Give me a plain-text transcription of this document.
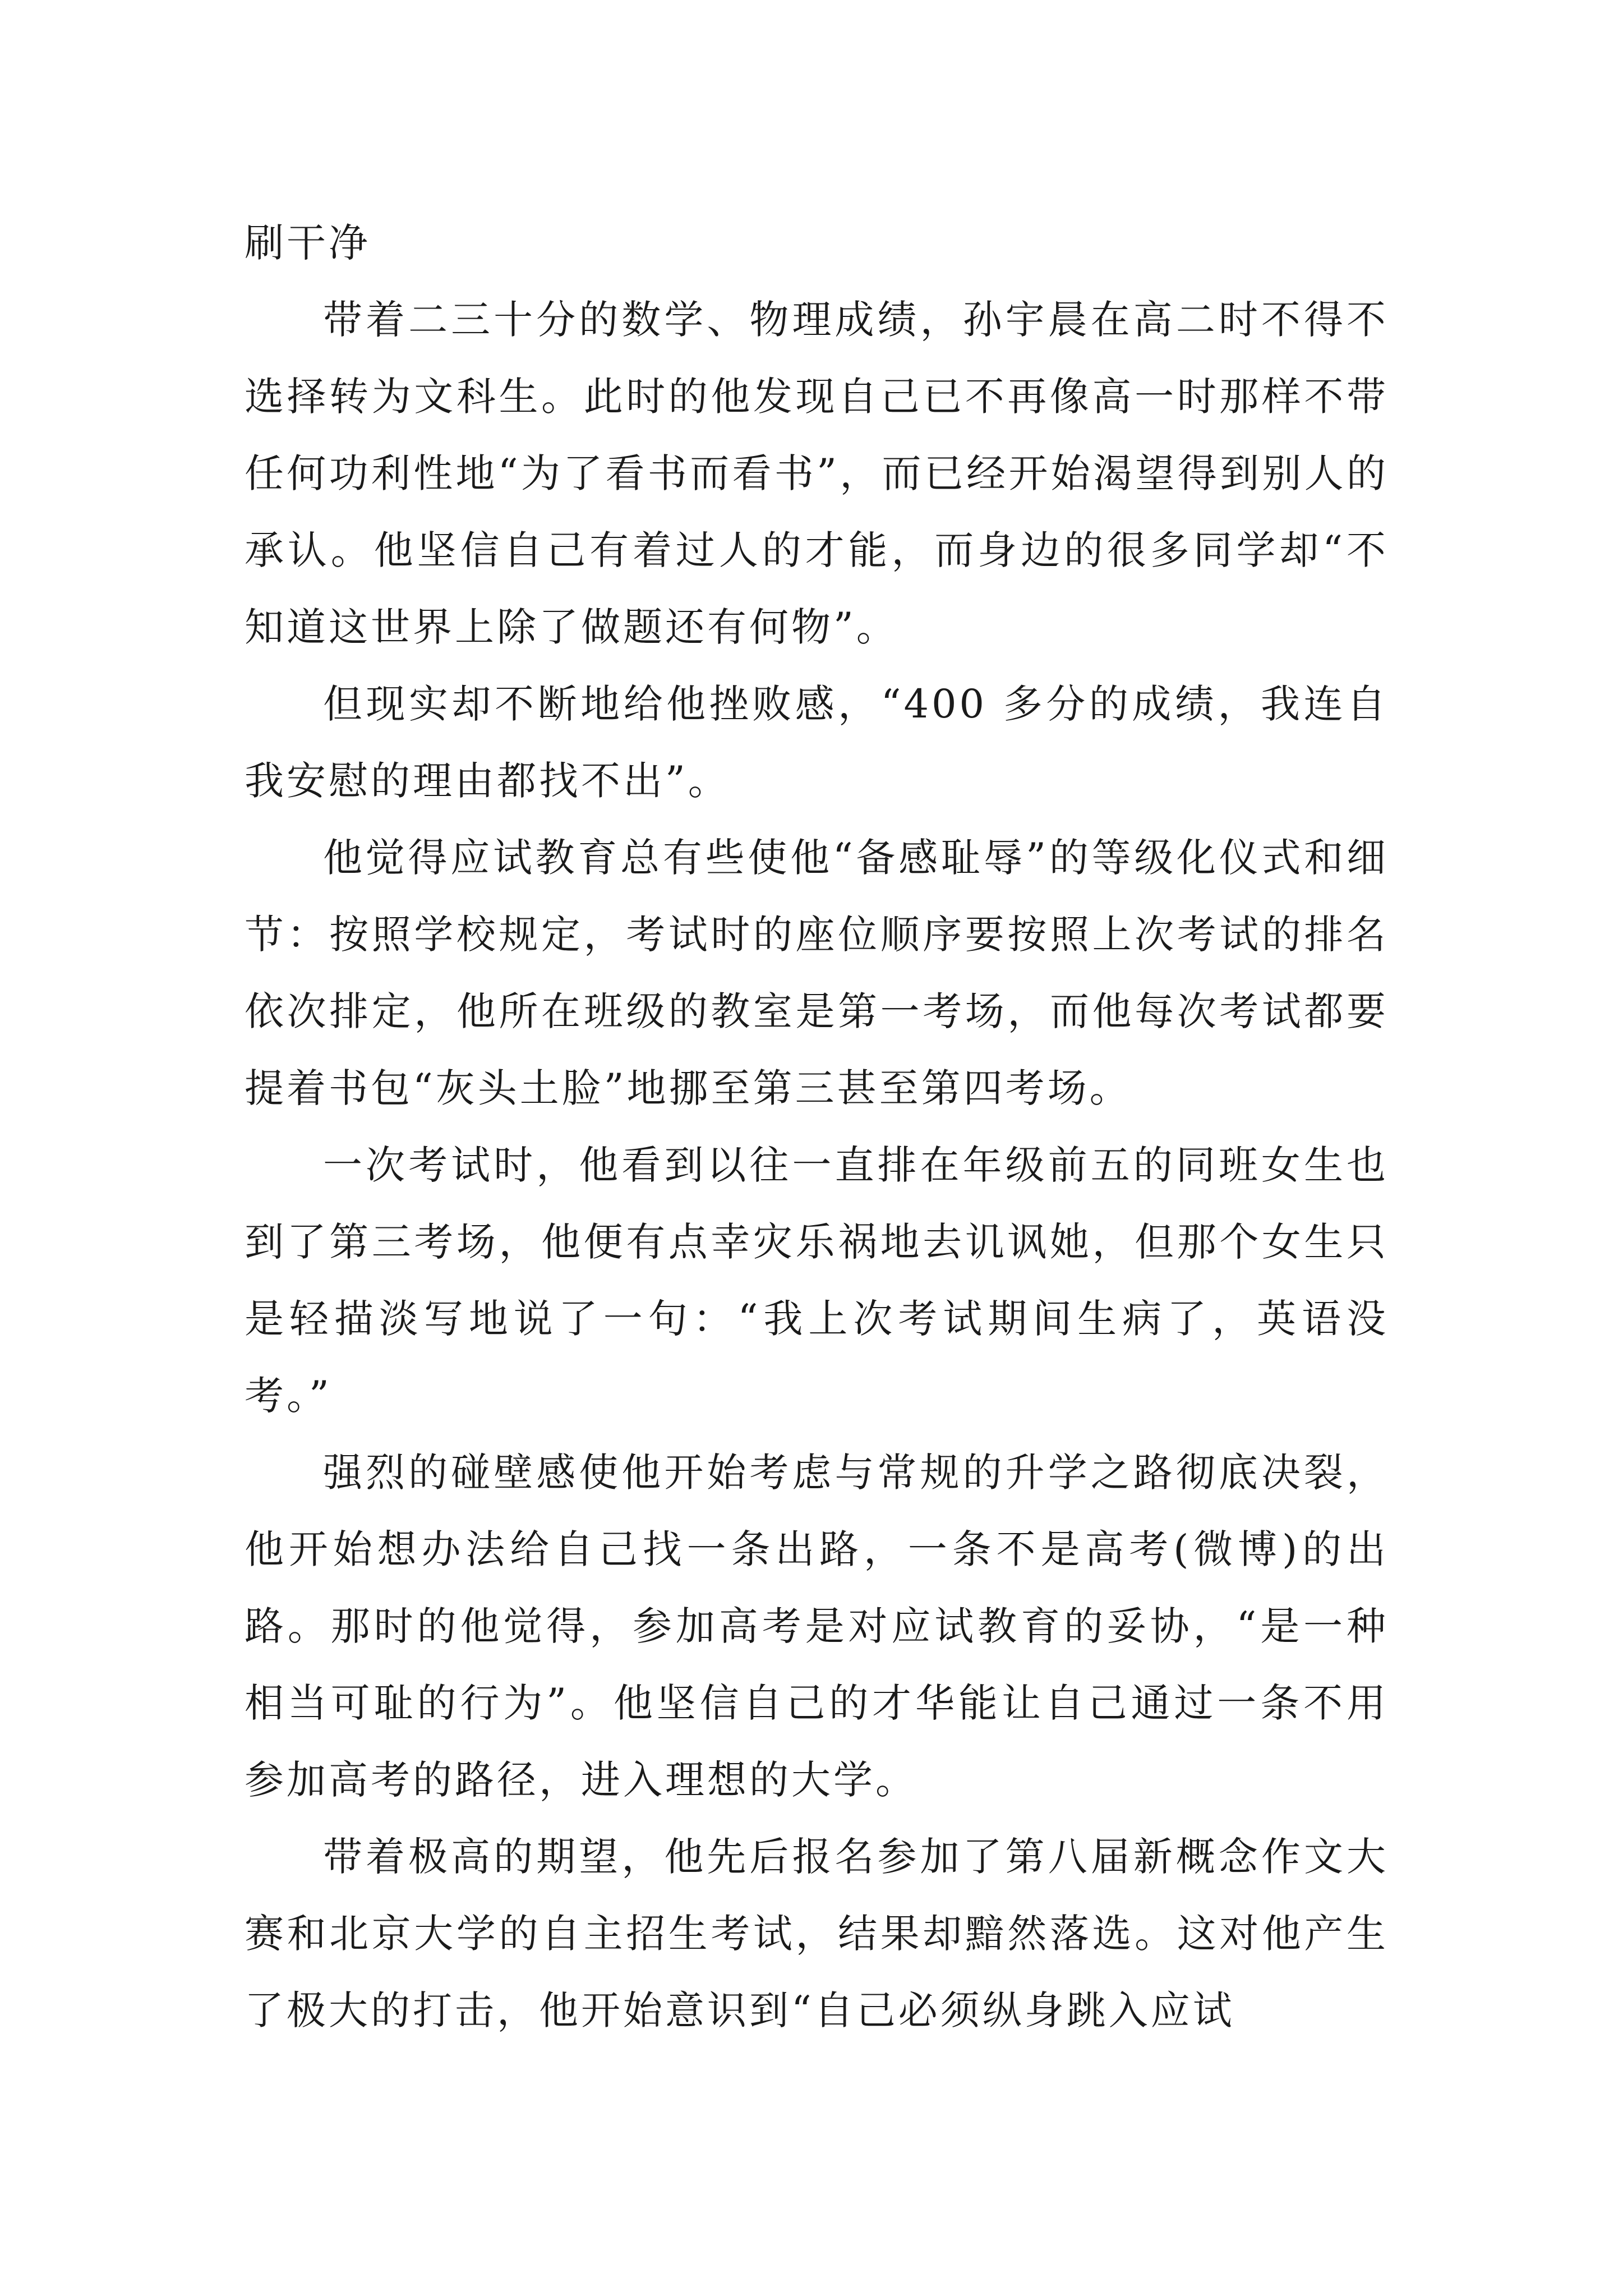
刷干净

带着二三十分的数学、物理成绩，孙宇晨在高二时不得不选择转为文科生。此时的他发现自己已不再像高一时那样不带任何功利性地“为了看书而看书”，而已经开始渴望得到别人的承认。他坚信自己有着过人的才能，而身边的很多同学却“不知道这世界上除了做题还有何物”。

但现实却不断地给他挫败感，“400 多分的成绩，我连自我安慰的理由都找不出”。

他觉得应试教育总有些使他“备感耻辱”的等级化仪式和细节：按照学校规定，考试时的座位顺序要按照上次考试的排名依次排定，他所在班级的教室是第一考场，而他每次考试都要提着书包“灰头土脸”地挪至第三甚至第四考场。

一次考试时，他看到以往一直排在年级前五的同班女生也到了第三考场，他便有点幸灾乐祸地去讥讽她，但那个女生只是轻描淡写地说了一句：“我上次考试期间生病了，英语没考。”

强烈的碰壁感使他开始考虑与常规的升学之路彻底决裂，他开始想办法给自己找一条出路，一条不是高考(微博)的出路。那时的他觉得，参加高考是对应试教育的妥协，“是一种相当可耻的行为”。他坚信自己的才华能让自己通过一条不用参加高考的路径，进入理想的大学。

带着极高的期望，他先后报名参加了第八届新概念作文大赛和北京大学的自主招生考试，结果却黯然落选。这对他产生了极大的打击，他开始意识到“自己必须纵身跳入应试
